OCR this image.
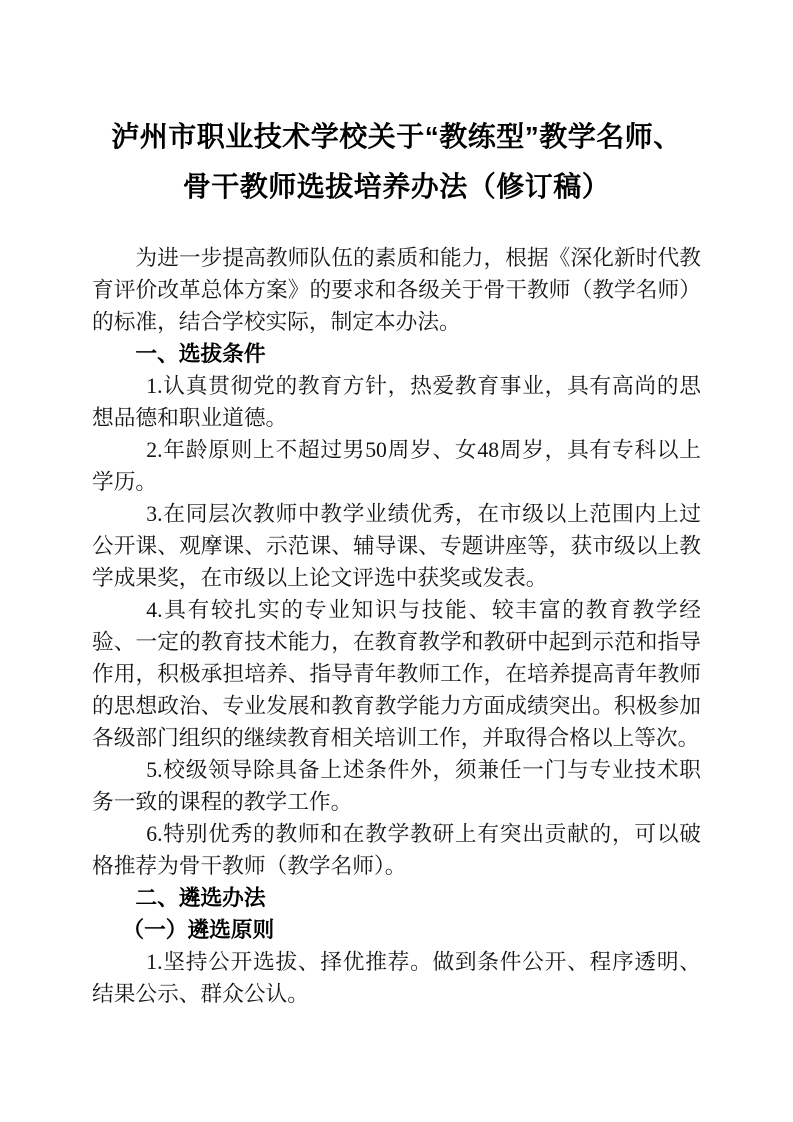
泸州市职业技术学校关于“教练型”教学名师、
骨干教师选拔培养办法（修订稿）

为进一步提高教师队伍的素质和能力，根据《深化新时代教育评价改革总体方案》的要求和各级关于骨干教师（教学名师）的标准，结合学校实际，制定本办法。

一、选拔条件

1.认真贯彻党的教育方针，热爱教育事业，具有高尚的思想品德和职业道德。

2.年龄原则上不超过男50周岁、女48周岁，具有专科以上学历。

3.在同层次教师中教学业绩优秀，在市级以上范围内上过公开课、观摩课、示范课、辅导课、专题讲座等，获市级以上教学成果奖，在市级以上论文评选中获奖或发表。

4.具有较扎实的专业知识与技能、较丰富的教育教学经验、一定的教育技术能力，在教育教学和教研中起到示范和指导作用，积极承担培养、指导青年教师工作，在培养提高青年教师的思想政治、专业发展和教育教学能力方面成绩突出。积极参加各级部门组织的继续教育相关培训工作，并取得合格以上等次。

5.校级领导除具备上述条件外，须兼任一门与专业技术职务一致的课程的教学工作。

6.特别优秀的教师和在教学教研上有突出贡献的，可以破格推荐为骨干教师（教学名师）。

二、遴选办法

（一）遴选原则

1.坚持公开选拔、择优推荐。做到条件公开、程序透明、结果公示、群众公认。
